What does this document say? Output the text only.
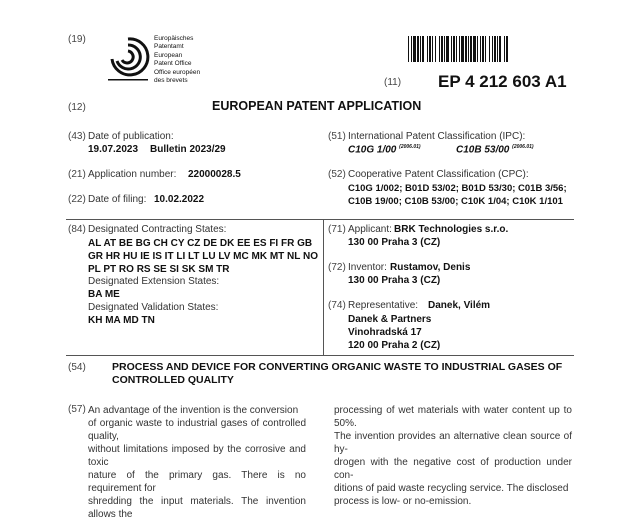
(19)	Europäisches
Patentamt
European
Patent Office
Office européen
des brevets	(11) EP 4 212 603 A1
(12)	EUROPEAN PATENT APPLICATION
(43) Date of publication:
19.07.2023 Bulletin 2023/29
(21) Application number: 22000028.5
(22) Date of filing: 10.02.2022
(84) Designated Contracting States:
AL AT BE BG CH CY CZ DE DK EE ES FI FR GB
GR HR HU IE IS IT LI LT LU LV MC MK MT NL NO
PL PT RO RS SE SI SK SM TR
Designated Extension States:
BA ME
Designated Validation States:
KH MA MD TN
(51) International Patent Classification (IPC):
C10G 1/00 $^{(2006.01)}$	C10B 53/00 $^{(2006.01)}$
(52) Cooperative Patent Classification (CPC):
C10G 1/002; B01D 53/02; B01D 53/30; C01B 3/56;
C10B 19/00; C10B 53/00; C10K 1/04; C10K 1/101
(71) Applicant: BRK Technologies s.r.o.
130 00 Praha 3 (CZ)
(72) Inventor: Rustamov, Denis
130 00 Praha 3 (CZ)
(74) Representative: Danek, Vilém
Danek & Partners
Vinohradská 17
120 00 Praha 2 (CZ)
(54) PROCESS AND DEVICE FOR CONVERTING ORGANIC WASTE TO INDUSTRIAL GASES OF
CONTROLLED QUALITY
(57) An advantage of the invention is the conversion
of organic waste to industrial gases of controlled quality,
without limitations imposed by the corrosive and toxic
nature of the primary gas. There is no requirement for
shredding the input materials. The invention allows the
processing of wet materials with water content up to 50%.
The invention provides an alternative clean source of hy-
drogen with the negative cost of production under con-
ditions of paid waste recycling service. The disclosed
process is low- or no-emission.
